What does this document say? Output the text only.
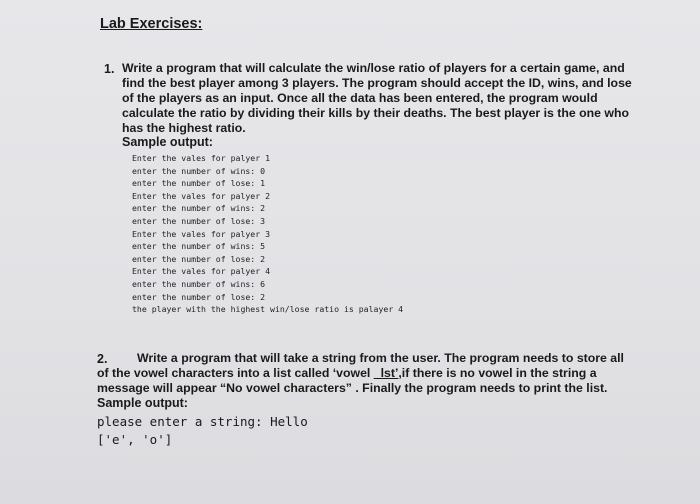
Lab Exercises:
1. Write a program that will calculate the win/lose ratio of players for a certain game, and find the best player among 3 players. The program should accept the ID, wins, and lose of the players as an input. Once all the data has been entered, the program would calculate the ratio by dividing their kills by their deaths. The best player is the one who has the highest ratio.

Sample output:
Enter the vales for palyer 1
enter the number of wins: 0
enter the number of lose: 1
Enter the vales for palyer 2
enter the number of wins: 2
enter the number of lose: 3
Enter the vales for palyer 3
enter the number of wins: 5
enter the number of lose: 2
Enter the vales for palyer 4
enter the number of wins: 6
enter the number of lose: 2
the player with the highest win/lose ratio is palayer 4
2.	Write a program that will take a string from the user. The program needs to store all of the vowel characters into a list called ‘vowel _lst’,if there is no vowel in the string a message will appear “No vowel characters” . Finally the program needs to print the list.

Sample output:
please enter a string: Hello
['e', 'o']
